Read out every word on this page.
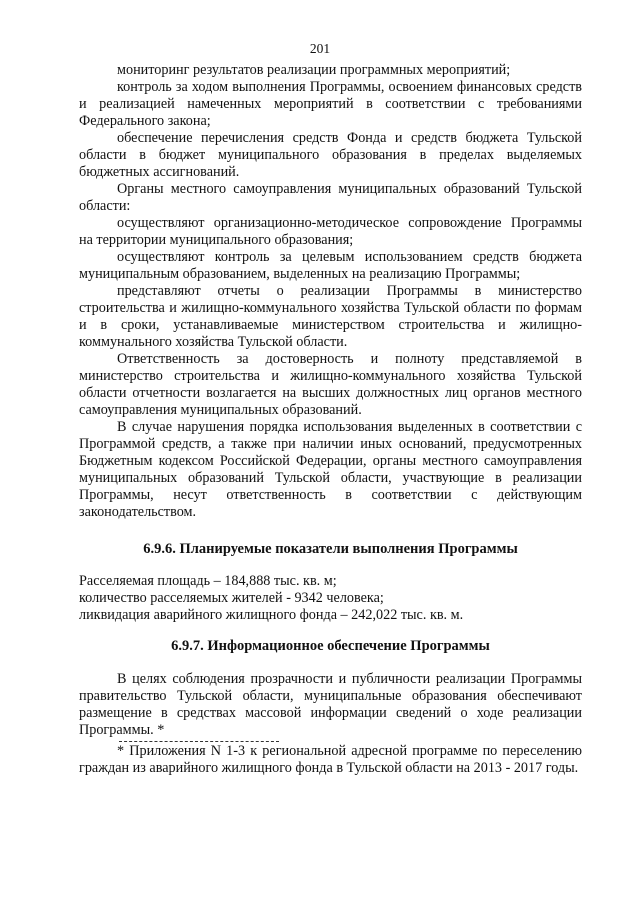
201

мониторинг результатов реализации программных мероприятий;

контроль за ходом выполнения Программы, освоением финансовых средств и реализацией намеченных мероприятий в соответствии с требованиями Федерального закона;

обеспечение перечисления средств Фонда и средств бюджета Тульской области в бюджет муниципального образования в пределах выделяемых бюджетных ассигнований.

Органы местного самоуправления муниципальных образований Тульской области:

осуществляют организационно-методическое сопровождение Программы на территории муниципального образования;

осуществляют контроль за целевым использованием средств бюджета муниципальным образованием, выделенных на реализацию Программы;

представляют отчеты о реализации Программы в министерство строительства и жилищно-коммунального хозяйства Тульской области по формам и в сроки, устанавливаемые министерством строительства и жилищно-коммунального хозяйства Тульской области.

Ответственность за достоверность и полноту представляемой в министерство строительства и жилищно-коммунального хозяйства Тульской области отчетности возлагается на высших должностных лиц органов местного самоуправления муниципальных образований.

В случае нарушения порядка использования выделенных в соответствии с Программой средств, а также при наличии иных оснований, предусмотренных Бюджетным кодексом Российской Федерации, органы местного самоуправления муниципальных образований Тульской области, участвующие в реализации Программы, несут ответственность в соответствии с действующим законодательством.

6.9.6. Планируемые показатели выполнения Программы

Расселяемая площадь – 184,888 тыс. кв. м;

количество расселяемых жителей - 9342 человека;

ликвидация аварийного жилищного фонда – 242,022 тыс. кв. м.

6.9.7. Информационное обеспечение Программы

В целях соблюдения прозрачности и публичности реализации Программы правительство Тульской области, муниципальные образования обеспечивают размещение в средствах массовой информации сведений о ходе реализации Программы. *

* Приложения N 1-3 к региональной адресной программе по переселению граждан из аварийного жилищного фонда в Тульской области на 2013 - 2017 годы.
